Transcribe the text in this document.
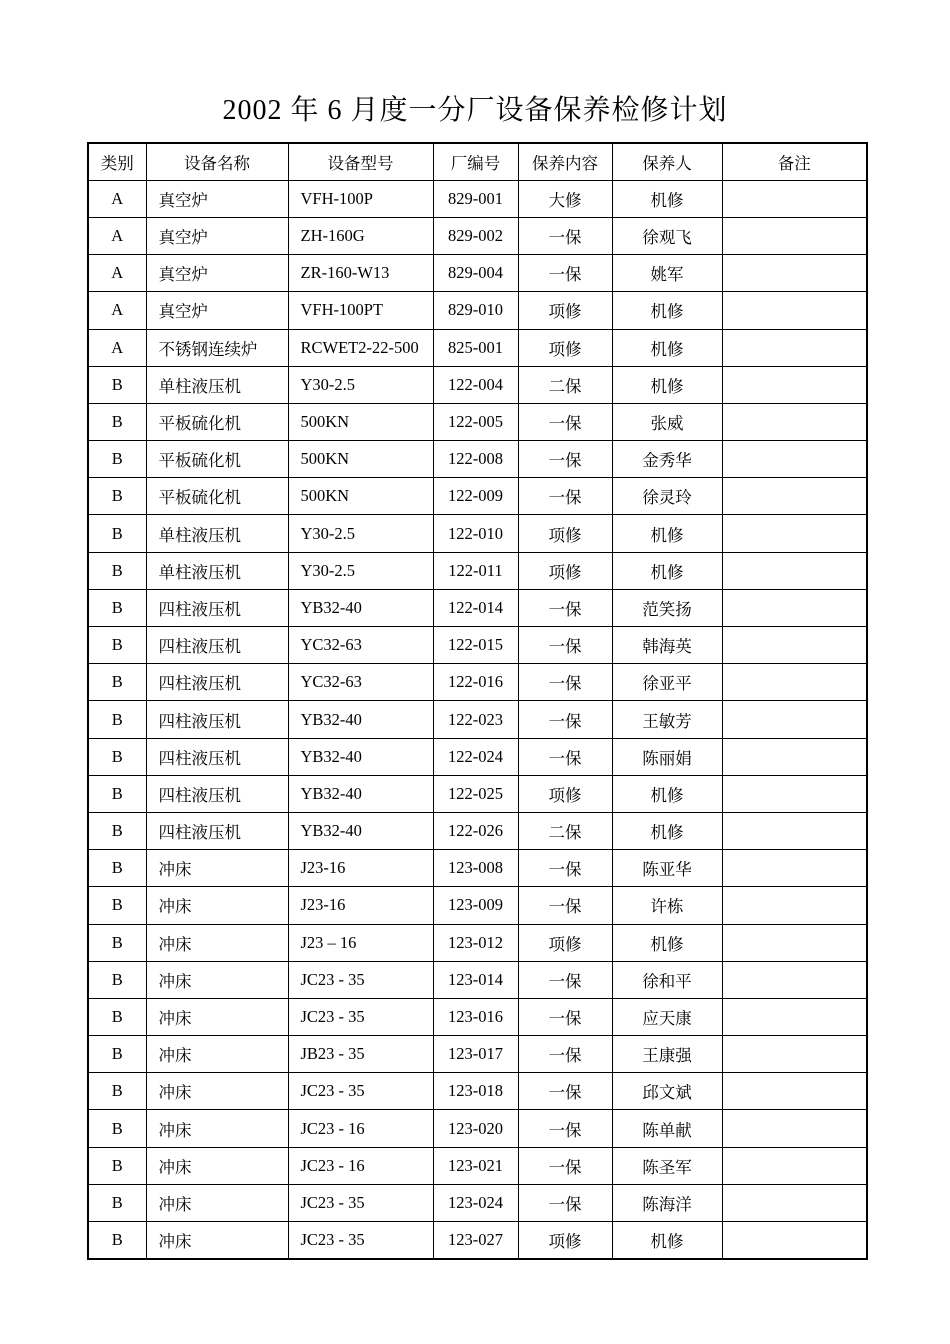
2002 年 6 月度一分厂设备保养检修计划
类别	设备名称	设备型号	厂编号	保养内容	保养人	备注
A	真空炉	VFH-100P	829-001	大修	机修	
A	真空炉	ZH-160G	829-002	一保	徐观飞	
A	真空炉	ZR-160-W13	829-004	一保	姚军	
A	真空炉	VFH-100PT	829-010	项修	机修	
A	不锈钢连续炉	RCWET2-22-500	825-001	项修	机修	
B	单柱液压机	Y30-2.5	122-004	二保	机修	
B	平板硫化机	500KN	122-005	一保	张威	
B	平板硫化机	500KN	122-008	一保	金秀华	
B	平板硫化机	500KN	122-009	一保	徐灵玲	
B	单柱液压机	Y30-2.5	122-010	项修	机修	
B	单柱液压机	Y30-2.5	122-011	项修	机修	
B	四柱液压机	YB32-40	122-014	一保	范笑扬	
B	四柱液压机	YC32-63	122-015	一保	韩海英	
B	四柱液压机	YC32-63	122-016	一保	徐亚平	
B	四柱液压机	YB32-40	122-023	一保	王敏芳	
B	四柱液压机	YB32-40	122-024	一保	陈丽娟	
B	四柱液压机	YB32-40	122-025	项修	机修	
B	四柱液压机	YB32-40	122-026	二保	机修	
B	冲床	J23-16	123-008	一保	陈亚华	
B	冲床	J23-16	123-009	一保	许栋	
B	冲床	J23 – 16	123-012	项修	机修	
B	冲床	JC23 - 35	123-014	一保	徐和平	
B	冲床	JC23 - 35	123-016	一保	应天康	
B	冲床	JB23 - 35	123-017	一保	王康强	
B	冲床	JC23 - 35	123-018	一保	邱文斌	
B	冲床	JC23 - 16	123-020	一保	陈单献	
B	冲床	JC23 - 16	123-021	一保	陈圣军	
B	冲床	JC23 - 35	123-024	一保	陈海洋	
B	冲床	JC23 - 35	123-027	项修	机修	
